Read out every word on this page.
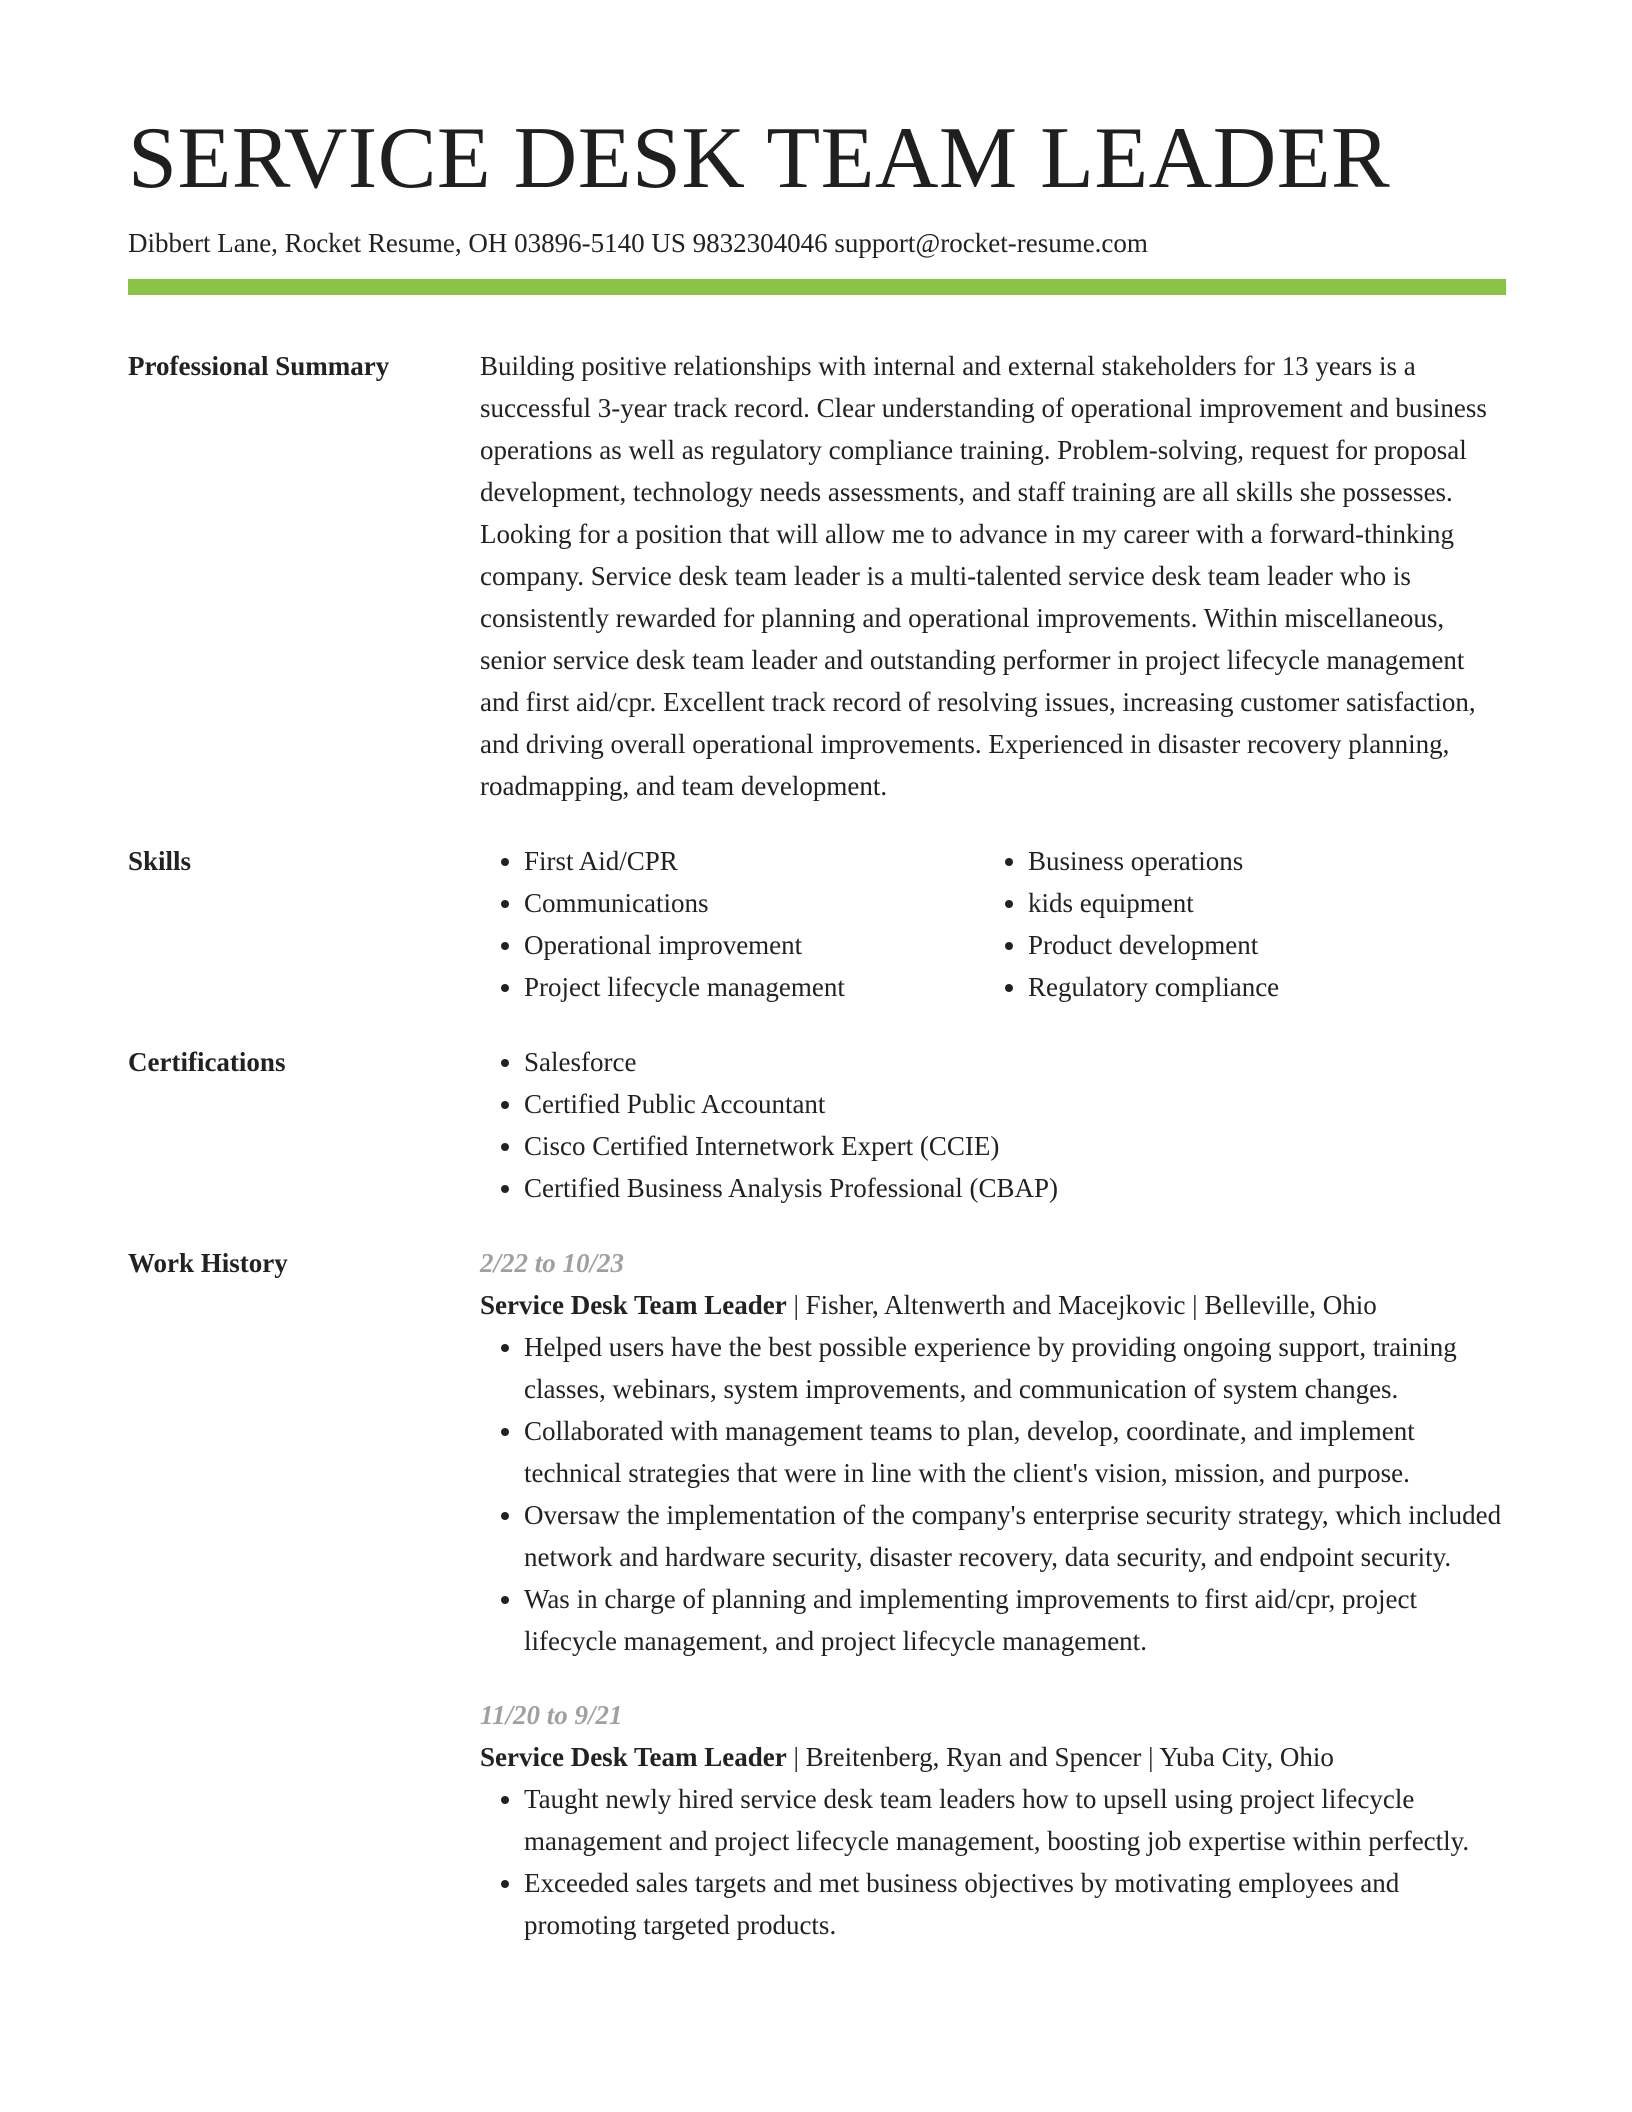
SERVICE DESK TEAM LEADER
Dibbert Lane, Rocket Resume, OH 03896-5140 US 9832304046 support@rocket-resume.com
Professional Summary	Building positive relationships with internal and external stakeholders for 13 years is a successful 3-year track record. Clear understanding of operational improvement and business operations as well as regulatory compliance training. Problem-solving, request for proposal development, technology needs assessments, and staff training are all skills she possesses. Looking for a position that will allow me to advance in my career with a forward-thinking company. Service desk team leader is a multi-talented service desk team leader who is consistently rewarded for planning and operational improvements. Within miscellaneous, senior service desk team leader and outstanding performer in project lifecycle management and first aid/cpr. Excellent track record of resolving issues, increasing customer satisfaction, and driving overall operational improvements. Experienced in disaster recovery planning, roadmapping, and team development.
Skills	• First Aid/CPR
• Communications
• Operational improvement
• Project lifecycle management
• Business operations
• kids equipment
• Product development
• Regulatory compliance
Certifications	• Salesforce
• Certified Public Accountant
• Cisco Certified Internetwork Expert (CCIE)
• Certified Business Analysis Professional (CBAP)
Work History	2/22 to 10/23
Service Desk Team Leader | Fisher, Altenwerth and Macejkovic | Belleville, Ohio
• Helped users have the best possible experience by providing ongoing support, training classes, webinars, system improvements, and communication of system changes.
• Collaborated with management teams to plan, develop, coordinate, and implement technical strategies that were in line with the client's vision, mission, and purpose.
• Oversaw the implementation of the company's enterprise security strategy, which included network and hardware security, disaster recovery, data security, and endpoint security.
• Was in charge of planning and implementing improvements to first aid/cpr, project lifecycle management, and project lifecycle management.
11/20 to 9/21
Service Desk Team Leader | Breitenberg, Ryan and Spencer | Yuba City, Ohio
• Taught newly hired service desk team leaders how to upsell using project lifecycle management and project lifecycle management, boosting job expertise within perfectly.
• Exceeded sales targets and met business objectives by motivating employees and promoting targeted products.
